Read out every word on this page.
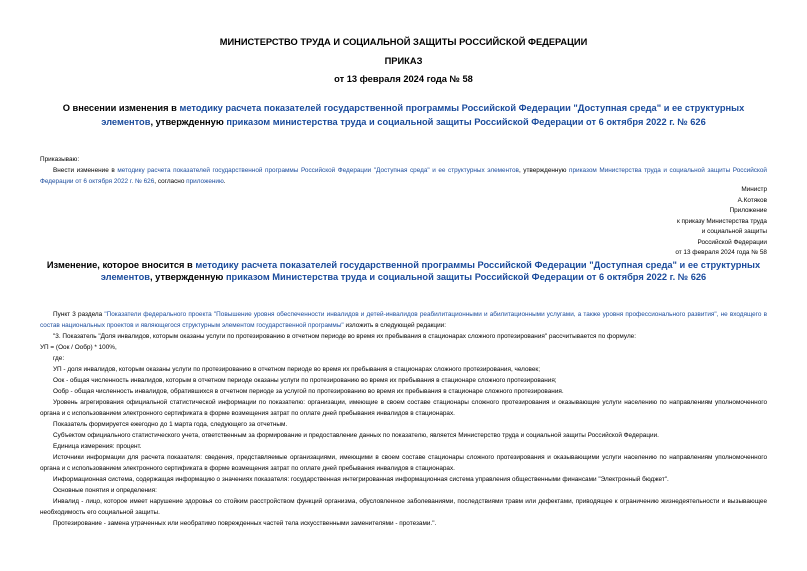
МИНИСТЕРСТВО ТРУДА И СОЦИАЛЬНОЙ ЗАЩИТЫ РОССИЙСКОЙ ФЕДЕРАЦИИ
ПРИКАЗ
от 13 февраля 2024 года № 58
О внесении изменения в методику расчета показателей государственной программы Российской Федерации "Доступная среда" и ее структурных элементов, утвержденную приказом министерства труда и социальной защиты Российской Федерации от 6 октября 2022 г. № 626

Приказываю:

Внести изменение в методику расчета показателей государственной программы Российской Федерации "Доступная среда" и ее структурных элементов, утвержденную приказом Министерства труда и социальной защиты Российской Федерации от 6 октября 2022 г. № 626, согласно приложению.

Министр
А.Котяков
Приложение
к приказу Министерства труда
и социальной защиты
Российской Федерации
от 13 февраля 2024 года № 58
Изменение, которое вносится в методику расчета показателей государственной программы Российской Федерации "Доступная среда" и ее структурных элементов, утвержденную приказом Министерства труда и социальной защиты Российской Федерации от 6 октября 2022 г. № 626

Пункт 3 раздела "Показатели федерального проекта "Повышение уровня обеспеченности инвалидов и детей-инвалидов реабилитационными и абилитационными услугами, а также уровня профессионального развития", не входящего в состав национальных проектов и являющегося структурным элементом государственной программы" изложить в следующей редакции:

"3. Показатель "Доля инвалидов, которым оказаны услуги по протезированию в отчетном периоде во время их пребывания в стационарах сложного протезирования" рассчитывается по формуле:

УП = (Оок / Ообр) * 100%,

где:

УП - доля инвалидов, которым оказаны услуги по протезированию в отчетном периоде во время их пребывания в стационарах сложного протезирования, человек;

Оок - общая численность инвалидов, которым в отчетном периоде оказаны услуги по протезированию во время их пребывания в стационаре сложного протезирования;

Ообр - общая численность инвалидов, обратившихся в отчетном периоде за услугой по протезированию во время их пребывания в стационаре сложного протезирования.

Уровень агрегирования официальной статистической информации по показателю: организации, имеющие в своем составе стационары сложного протезирования и оказывающие услуги населению по направлениям уполномоченного органа и с использованием электронного сертификата в форме возмещения затрат по оплате дней пребывания инвалидов в стационарах.

Показатель формируется ежегодно до 1 марта года, следующего за отчетным.

Субъектом официального статистического учета, ответственным за формирование и предоставление данных по показателю, является Министерство труда и социальной защиты Российской Федерации.

Единица измерения: процент.

Источники информации для расчета показателя: сведения, представляемые организациями, имеющими в своем составе стационары сложного протезирования и оказывающими услуги населению по направлениям уполномоченного органа и с использованием электронного сертификата в форме возмещения затрат по оплате дней пребывания инвалидов в стационарах.

Информационная система, содержащая информацию о значениях показателя: государственная интегрированная информационная система управления общественными финансами "Электронный бюджет".

Основные понятия и определения:

Инвалид - лицо, которое имеет нарушение здоровья со стойким расстройством функций организма, обусловленное заболеваниями, последствиями травм или дефектами, приводящее к ограничению жизнедеятельности и вызывающее необходимость его социальной защиты.

Протезирование - замена утраченных или необратимо поврежденных частей тела искусственными заменителями - протезами.".
